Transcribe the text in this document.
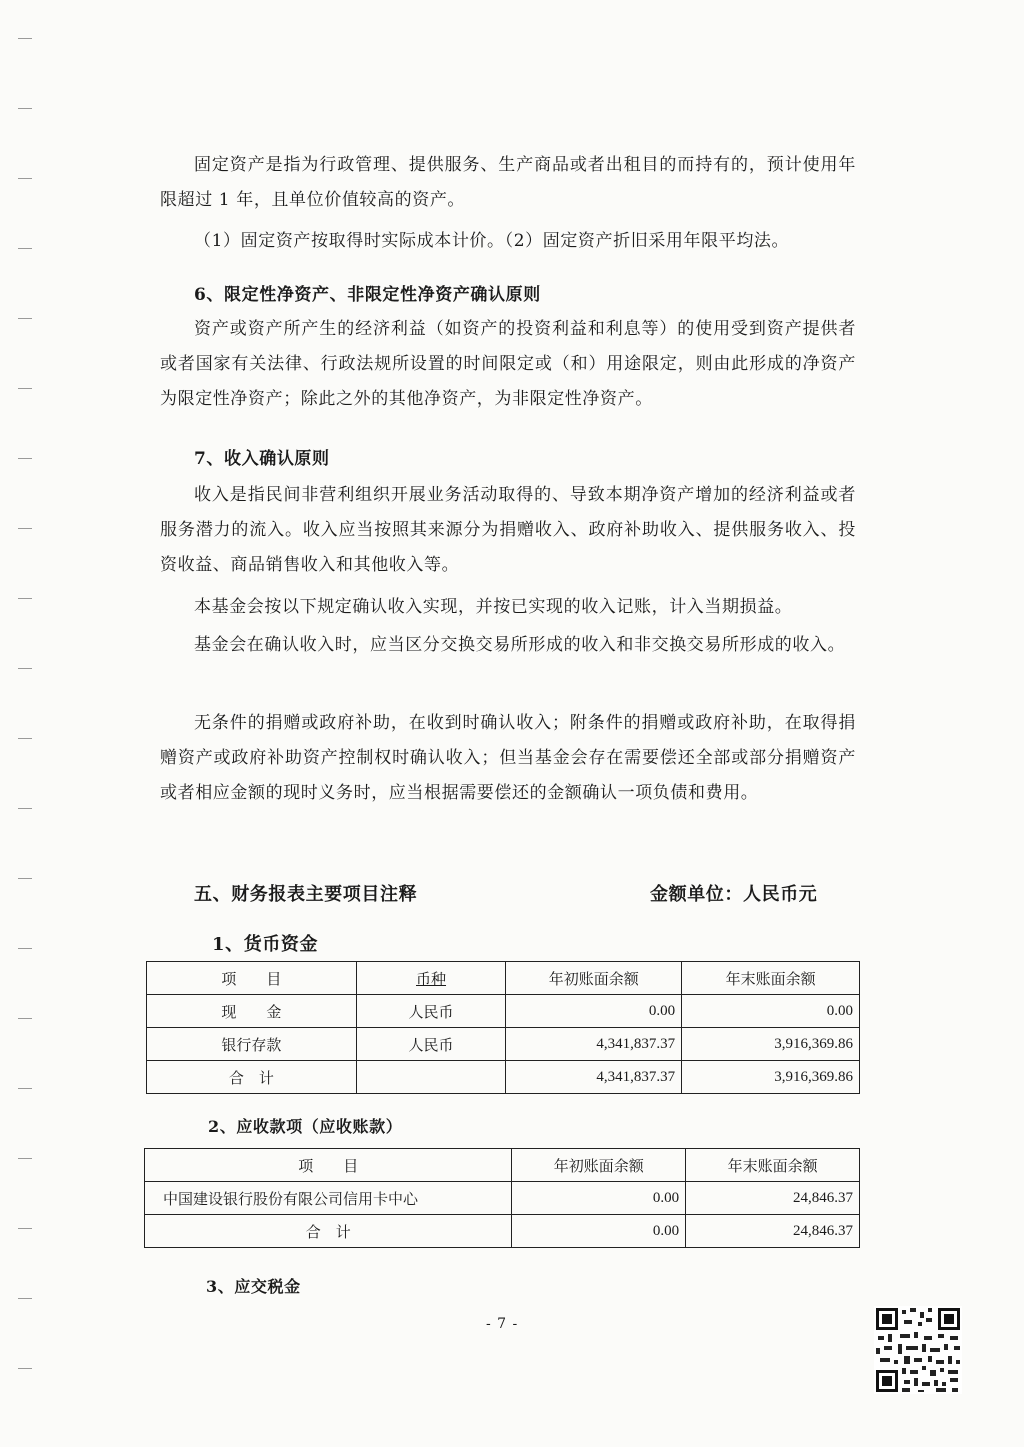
固定资产是指为行政管理、提供服务、生产商品或者出租目的而持有的，预计使用年限超过 1 年，且单位价值较高的资产。

（1）固定资产按取得时实际成本计价。（2）固定资产折旧采用年限平均法。

6、限定性净资产、非限定性净资产确认原则

资产或资产所产生的经济利益（如资产的投资利益和利息等）的使用受到资产提供者或者国家有关法律、行政法规所设置的时间限定或（和）用途限定，则由此形成的净资产为限定性净资产；除此之外的其他净资产，为非限定性净资产。

7、收入确认原则

收入是指民间非营利组织开展业务活动取得的、导致本期净资产增加的经济利益或者服务潜力的流入。收入应当按照其来源分为捐赠收入、政府补助收入、提供服务收入、投资收益、商品销售收入和其他收入等。

本基金会按以下规定确认收入实现，并按已实现的收入记账，计入当期损益。

基金会在确认收入时，应当区分交换交易所形成的收入和非交换交易所形成的收入。

无条件的捐赠或政府补助，在收到时确认收入；附条件的捐赠或政府补助，在取得捐赠资产或政府补助资产控制权时确认收入；但当基金会存在需要偿还全部或部分捐赠资产或者相应金额的现时义务时，应当根据需要偿还的金额确认一项负债和费用。

五、财务报表主要项目注释	金额单位：人民币元

1、货币资金

项　　目	币种	年初账面余额	年末账面余额
现　　金	人民币	0.00	0.00
银行存款	人民币	4,341,837.37	3,916,369.86
合　计		4,341,837.37	3,916,369.86

2、应收款项（应收账款）

项　　目	年初账面余额	年末账面余额
中国建设银行股份有限公司信用卡中心	0.00	24,846.37
合　计	0.00	24,846.37

3、应交税金

- 7 -
